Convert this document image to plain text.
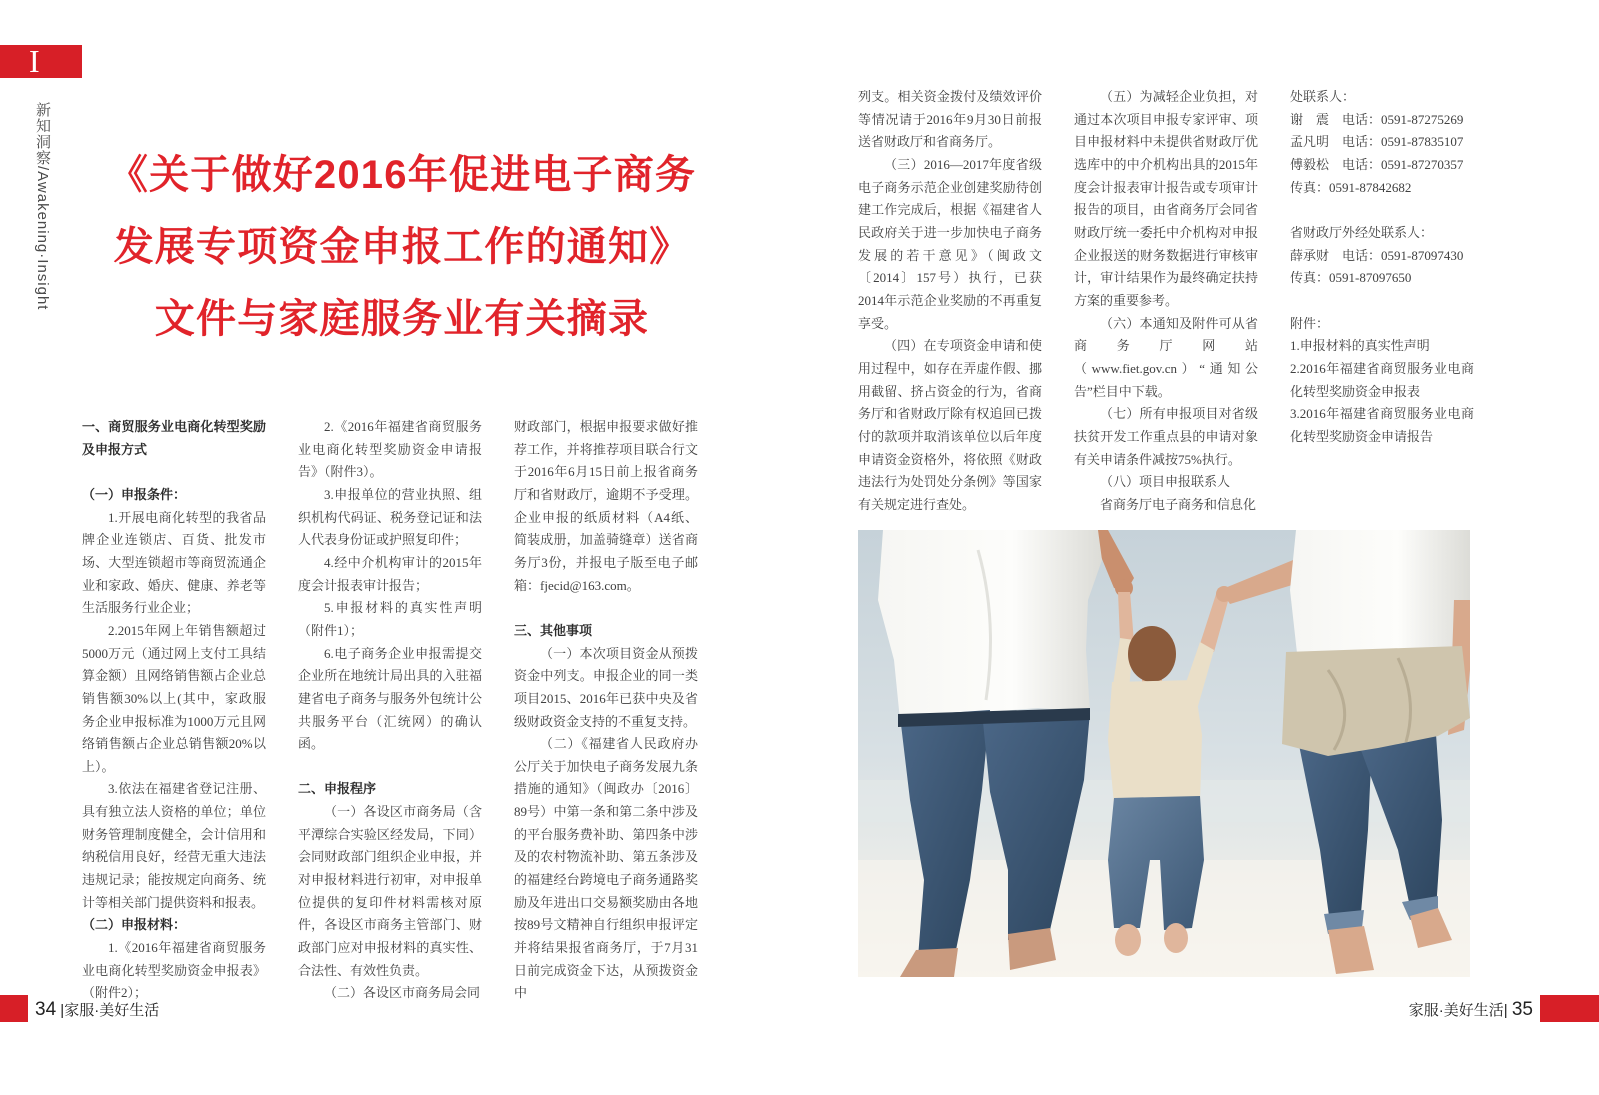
I
新知洞察/Awakening·Insight 《关于做好2016年促进电子商务
发展专项资金申报工作的通知》
文件与家庭服务业有关摘录

一、商贸服务业电商化转型奖励及申报方式

（一）申报条件：

1.开展电商化转型的我省品牌企业连锁店、百货、批发市场、大型连锁超市等商贸流通企业和家政、婚庆、健康、养老等生活服务行业企业；

2.2015年网上年销售额超过5000万元（通过网上支付工具结算金额）且网络销售额占企业总销售额30%以上(其中，家政服务企业申报标准为1000万元且网络销售额占企业总销售额20%以上）。

3.依法在福建省登记注册、具有独立法人资格的单位；单位财务管理制度健全，会计信用和纳税信用良好，经营无重大违法违规记录；能按规定向商务、统计等相关部门提供资料和报表。

（二）申报材料：

1.《2016年福建省商贸服务业电商化转型奖励资金申报表》（附件2）；

2.《2016年福建省商贸服务业电商化转型奖励资金申请报告》（附件3）。

3.申报单位的营业执照、组织机构代码证、税务登记证和法人代表身份证或护照复印件；

4.经中介机构审计的2015年度会计报表审计报告；

5.申报材料的真实性声明（附件1）；

6.电子商务企业申报需提交企业所在地统计局出具的入驻福建省电子商务与服务外包统计公共服务平台（汇统网）的确认函。

二、申报程序

（一）各设区市商务局（含平潭综合实验区经发局，下同）会同财政部门组织企业申报，并对申报材料进行初审，对申报单位提供的复印件材料需核对原件，各设区市商务主管部门、财政部门应对申报材料的真实性、合法性、有效性负责。

（二）各设区市商务局会同

财政部门，根据申报要求做好推荐工作，并将推荐项目联合行文于2016年6月15日前上报省商务厅和省财政厅，逾期不予受理。企业申报的纸质材料（A4纸、简装成册，加盖骑缝章）送省商务厅3份，并报电子版至电子邮箱：fjecid@163.com。

三、其他事项

（一）本次项目资金从预拨资金中列支。申报企业的同一类项目2015、2016年已获中央及省级财政资金支持的不重复支持。

（二）《福建省人民政府办公厅关于加快电子商务发展九条措施的通知》（闽政办〔2016〕89号）中第一条和第二条中涉及的平台服务费补助、第四条中涉及的农村物流补助、第五条涉及的福建经台跨境电子商务通路奖励及年进出口交易额奖励由各地按89号文精神自行组织申报评定并将结果报省商务厅，于7月31日前完成资金下达，从预拨资金中

列支。相关资金拨付及绩效评价等情况请于2016年9月30日前报送省财政厅和省商务厅。

（三）2016—2017年度省级电子商务示范企业创建奖励待创建工作完成后，根据《福建省人民政府关于进一步加快电子商务发展的若干意见》（闽政文〔2014〕157号）执行，已获2014年示范企业奖励的不再重复享受。

（四）在专项资金申请和使用过程中，如存在弄虚作假、挪用截留、挤占资金的行为，省商务厅和省财政厅除有权追回已拨付的款项并取消该单位以后年度申请资金资格外，将依照《财政违法行为处罚处分条例》等国家有关规定进行查处。

（五）为减轻企业负担，对通过本次项目申报专家评审、项目申报材料中未提供省财政厅优选库中的中介机构出具的2015年度会计报表审计报告或专项审计报告的项目，由省商务厅会同省财政厅统一委托中介机构对申报企业报送的财务数据进行审核审计，审计结果作为最终确定扶持方案的重要参考。

（六）本通知及附件可从省商务厅网站（www.fiet.gov.cn）“通知公告”栏目中下载。

（七）所有申报项目对省级扶贫开发工作重点县的申请对象有关申请条件减按75%执行。

（八）项目申报联系人

省商务厅电子商务和信息化

处联系人：

谢　震　电话：0591-87275269

孟凡明　电话：0591-87835107

傅毅松　电话：0591-87270357

传真：0591-87842682

省财政厅外经处联系人：

薛承财　电话：0591-87097430

传真：0591-87097650

附件：

1.申报材料的真实性声明

2.2016年福建省商贸服务业电商化转型奖励资金申报表

3.2016年福建省商贸服务业电商化转型奖励资金申请报告

34 |家服·美好生活	家服·美好生活| 35
